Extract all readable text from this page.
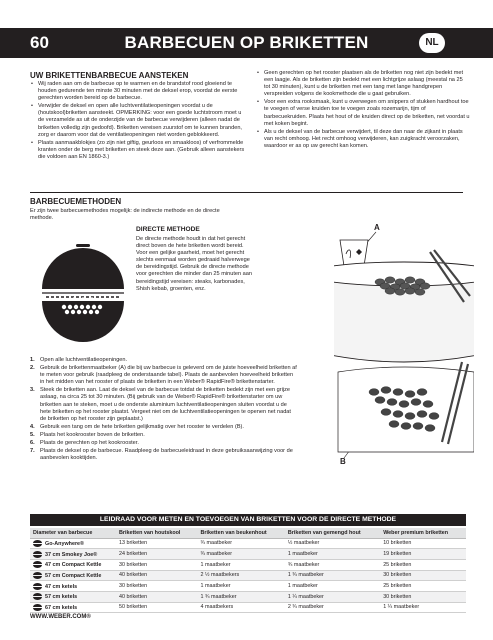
60	BARBECUEN OP BRIKETTEN	NL
UW BRIKETTENBARBECUE AANSTEKEN
• Wij raden aan om de barbecue op te warmen en de brandstof rood gloeiend te houden gedurende ten minste 30 minuten met de deksel erop, voordat de eerste gerechten worden bereid op de barbecue.
• Verwijder de deksel en open alle luchtventilatieopeningen voordat u de (houtskool)briketten aansteekt. OPMERKING: voor een goede luchtstroom moet u de verzamelde as uit de onderzijde van de barbecue verwijderen (alleen nadat de briketten volledig zijn gedoofd). Briketten vereisen zuurstof om te kunnen branden, zorg er daarom voor dat de ventilatieopeningen niet worden geblokkeerd.
• Plaats aanmaakblokjes (zo zijn niet giftig, geurloos en smaakloos) of verfrommelde kranten onder de berg met briketten en steek deze aan. (Gebruik alleen aanstekers die voldoen aan EN 1860-3.)
• Geen gerechten op het rooster plaatsen als de briketten nog niet zijn bedekt met een laagje. Als de briketten zijn bedekt met een lichtgrijze aslaag (meestal na 25 tot 30 minuten), kunt u de briketten met een tang met lange handgrepen verspreiden volgens de kookmethode die u gaat gebruiken.
• Voor een extra rooksmaak, kunt u overwegen om snippers of stukken hardhout toe te voegen of verse kruiden toe te voegen zoals rozemarijn, tijm of barbecuekruiden. Plaats het hout of de kruiden direct op de briketten, net voordat u met koken begint.
• Als u de deksel van de barbecue verwijdert, til deze dan naar de zijkant in plaats van recht omhoog. Het recht omhoog verwijderen, kan zuigkracht veroorzaken, waardoor er as op uw gerecht kan komen.
BARBECUEMETHODEN
Er zijn twee barbecuemethodes mogelijk: de indirecte methode en de directe methode.
DIRECTE METHODE
De directe methode houdt in dat het gerecht direct boven de hete briketten wordt bereid. Voor een gelijke gaarheid, moet het gerecht slechts eenmaal worden gedraaid halverwege de bereidingstijd. Gebruik de directe methode voor gerechten die minder dan 25 minuten aan bereidingstijd vereisen: steaks, karbonades, Shish kebab, groenten, enz.
1. Open alle luchtventilatieopeningen.
2. Gebruik de brikettenmaatbeker (A) die bij uw barbecue is geleverd om de juiste hoeveelheid briketten af te meten voor gebruik (raadpleeg de onderstaande tabel). Plaats de aanbevolen hoeveelheid briketten in het midden van het rooster of plaats de briketten in een Weber® RapidFire® brikettenstarter.
3. Steek de briketten aan. Laat de deksel van de barbecue totdat de briketten bedekt zijn met een grijze aslaag, na circa 25 tot 30 minuten. (Bij gebruik van de Weber® RapidFire® brikettenstarter om uw briketten aan te steken, moet u de onderste aluminium luchtventilatieopeningen sluiten voordat u de hete briketten op het rooster plaatst. Vergeet niet om de luchtventilatieopeningen te openen net nadat de briketten op het rooster zijn geplaatst.)
4. Gebruik een tang om de hete briketten gelijkmatig over het rooster te verdelen (B).
5. Plaats het kookrooster boven de briketten.
6. Plaats de gerechten op het kookrooster.
7. Plaats de deksel op de barbecue. Raadpleeg de barbecueleidraad in deze gebruiksaanwijzing voor de aanbevolen kooktijden.
A
B
LEIDRAAD VOOR METEN EN TOEVOEGEN VAN BRIKETTEN VOOR DE DIRECTE METHODE
Diameter van barbecue	Briketten van houtskool	Briketten van beukenhout	Briketten van gemengd hout	Weber premium briketten
Go-Anywhere®	13 briketten	¾ maatbeker	½ maatbeker	10 briketten
37 cm Smokey Joe®	24 briketten	¾ maatbeker	1 maatbeker	19 briketten
47 cm Compact Kettle	30 briketten	1 maatbeker	¾ maatbeker	25 briketten
57 cm Compact Kettle	40 briketten	2 ½ maatbekers	1 ¾ maatbeker	30 briketten
47 cm ketels	30 briketten	1 maatbeker	1 maatbeker	25 briketten
57 cm ketels	40 briketten	1 ¾ maatbeker	1 ¼ maatbeker	30 briketten
67 cm ketels	50 briketten	4 maatbekers	2 ¾ maatbeker	1 ¼ maatbeker
WWW.WEBER.COM®
